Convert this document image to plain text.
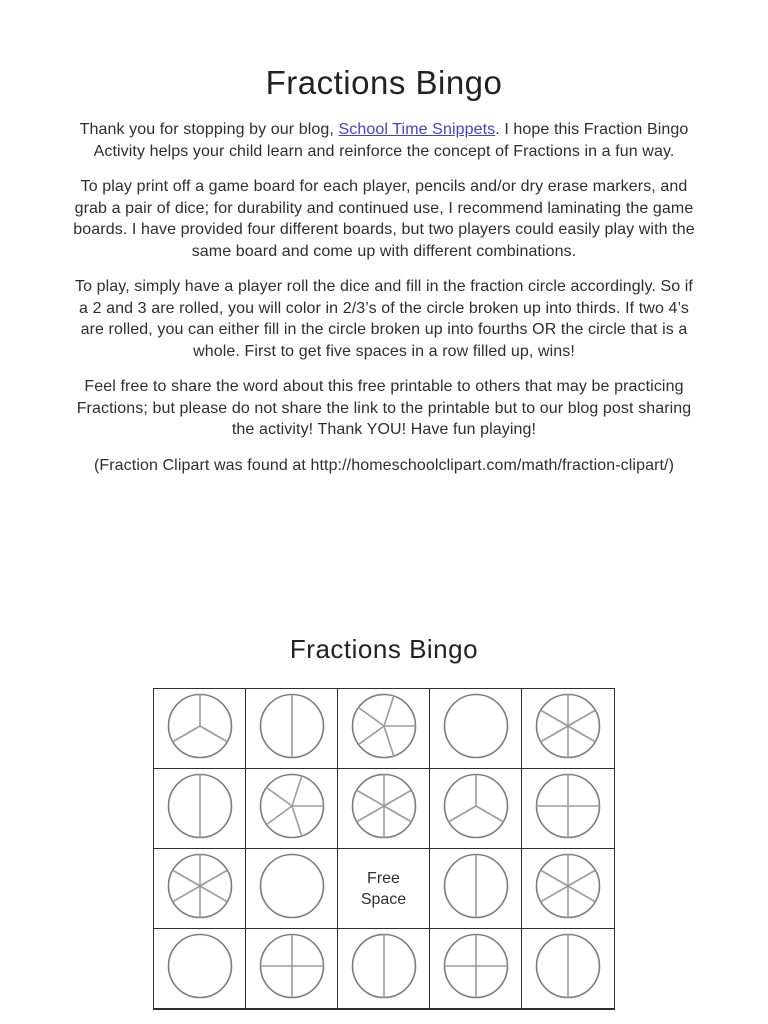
Fractions Bingo

Thank you for stopping by our blog, School Time Snippets. I hope this Fraction Bingo Activity helps your child learn and reinforce the concept of Fractions in a fun way.

To play print off a game board for each player, pencils and/or dry erase markers, and grab a pair of dice; for durability and continued use, I recommend laminating the game boards. I have provided four different boards, but two players could easily play with the same board and come up with different combinations.

To play, simply have a player roll the dice and fill in the fraction circle accordingly. So if a 2 and 3 are rolled, you will color in 2/3’s of the circle broken up into thirds. If two 4’s are rolled, you can either fill in the circle broken up into fourths OR the circle that is a whole. First to get five spaces in a row filled up, wins!

Feel free to share the word about this free printable to others that may be practicing Fractions; but please do not share the link to the printable but to our blog post sharing the activity! Thank YOU! Have fun playing!

(Fraction Clipart was found at http://homeschoolclipart.com/math/fraction-clipart/)

Fractions Bingo
Free Space
